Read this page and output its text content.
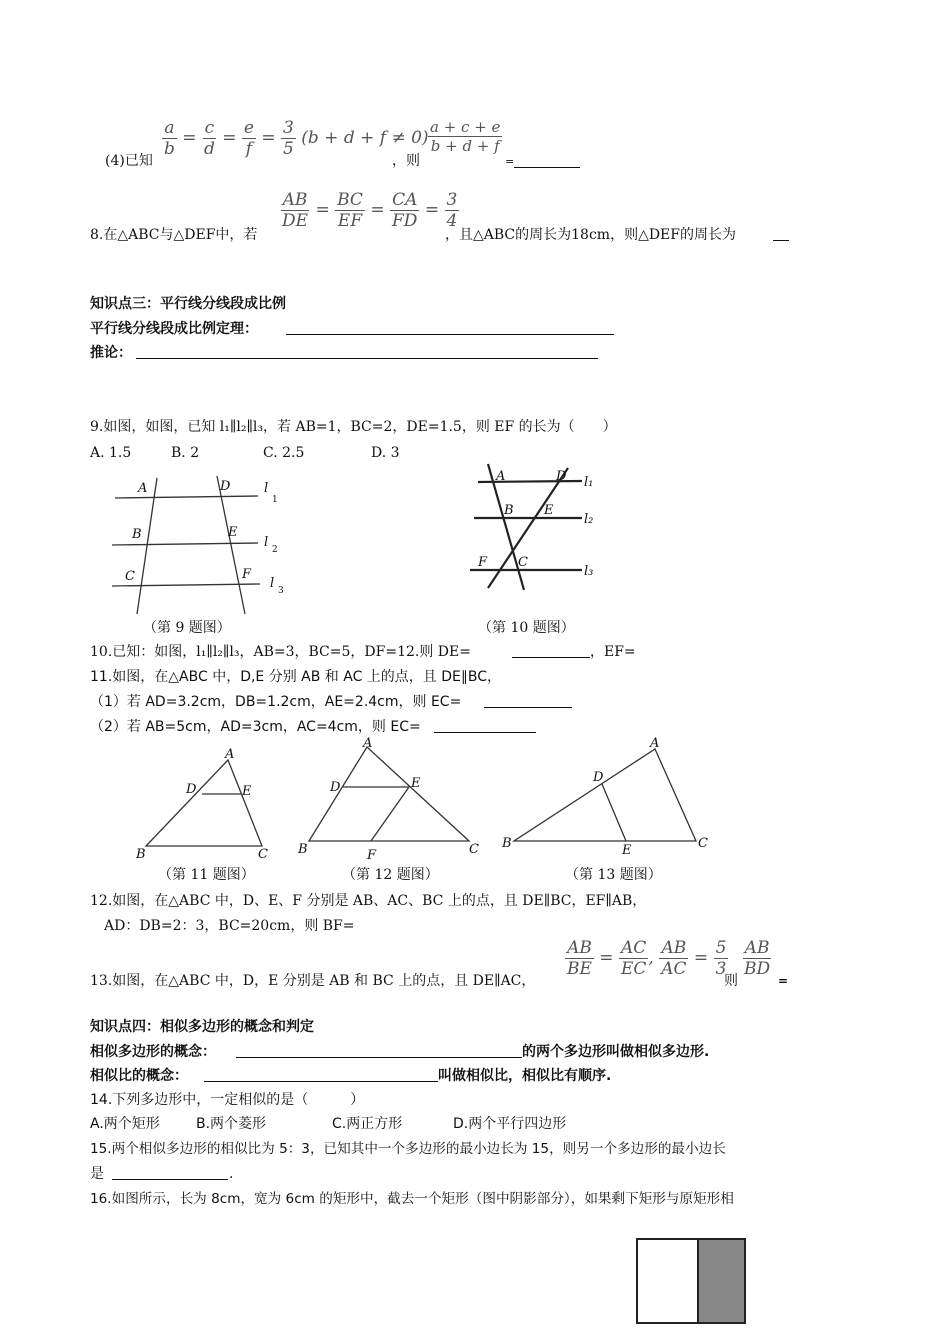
(4)已知
$\frac{a}{b} = \frac{c}{d} = \frac{e}{f} = \frac{3}{5} (b + d + f \ne 0)$
，则
$\frac{a + c + e}{b + d + f}$
=
8.在△ABC与△DEF中，若
$\frac{AB}{DE} = \frac{BC}{EF} = \frac{CA}{FD} = \frac{3}{4}$
，且△ABC的周长为18cm，则△DEF的周长为
知识点三：平行线分线段成比例
平行线分线段成比例定理：
推论：
9.如图，如图，已知 l₁∥l₂∥l₃，若 AB=1，BC=2，DE=1.5，则 EF 的长为（　　）
A. 1.5	B. 2	C. 2.5	D. 3
A	D
B	E
C	F
l
1
l 2
l 3
A	D l₁
B E
l₂
F C
l₃
（第 9 题图）	（第 10 题图）
10.已知：如图，l₁∥l₂∥l₃，AB=3，BC=5，DF=12.则 DE=	，EF=
11.如图，在△ABC 中，D,E 分别 AB 和 AC 上的点，且 DE∥BC，
（1）若 AD=3.2cm，DB=1.2cm，AE=2.4cm，则 EC=
（2）若 AB=5cm，AD=3cm，AC=4cm，则 EC=
A
D	E
B	C
A
D	E
B	F	C
A
D
B	E	C
（第 11 题图）	（第 12 题图）	（第 13 题图）
12.如图，在△ABC 中，D、E、F 分别是 AB、AC、BC 上的点，且 DE∥BC，EF∥AB，
AD：DB=2：3，BC=20cm，则 BF=
13.如图，在△ABC 中，D，E 分别是 AB 和 BC 上的点，且 DE∥AC，
$\frac{AB}{BE} = \frac{AC}{EC}$ , $\frac{AB}{AC} = \frac{5}{3}$
则
$\frac{AB}{BD}$
=
知识点四：相似多边形的概念和判定
相似多边形的概念：	的两个多边形叫做相似多边形.
相似比的概念：	叫做相似比，相似比有顺序.
14.下列多边形中，一定相似的是（　　　）
A.两个矩形	B.两个菱形	C.两正方形	D.两个平行四边形
15.两个相似多边形的相似比为 5：3，已知其中一个多边形的最小边长为 15，则另一个多边形的最小边长
是	.
16.如图所示，长为 8cm，宽为 6cm 的矩形中，截去一个矩形（图中阴影部分），如果剩下矩形与原矩形相
